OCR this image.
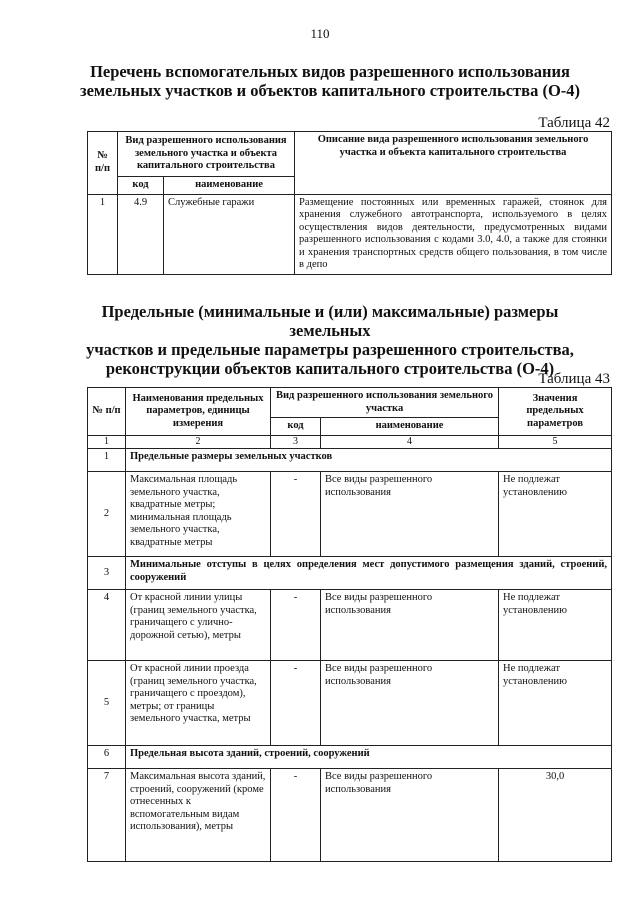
110
Перечень вспомогательных видов разрешенного использования
земельных участков и объектов капитального строительства (О-4)
Таблица 42
№ п/п	Вид разрешенного использования земельного участка и объекта капитального строительства		Описание вида разрешенного использования земельного участка и объекта капитального строительства
	код	наименование	
1	4.9	Служебные гаражи	Размещение постоянных или временных гаражей, стоянок для хранения служебного автотранспорта, используемого в целях осуществления видов деятельности, предусмотренных видами разрешенного использования с кодами 3.0, 4.0, а также для стоянки и хранения транспортных средств общего пользования, в том числе в депо
Предельные (минимальные и (или) максимальные) размеры земельных
участков и предельные параметры разрешенного строительства,
реконструкции объектов капитального строительства (О-4)
Таблица 43
№ п/п	Наименования предельных параметров, единицы измерения	Вид разрешенного использования земельного участка		Значения предельных параметров
		код	наименование	
1	2	3	4	5
1	Предельные размеры земельных участков			
2	Максимальная площадь земельного участка, квадратные метры; минимальная площадь земельного участка, квадратные метры	-	Все виды разрешенного использования	Не подлежат установлению
3	Минимальные отступы в целях определения мест допустимого размещения зданий, строений, сооружений			
4	От красной линии улицы (границ земельного участка, граничащего с улично-дорожной сетью), метры	-	Все виды разрешенного использования	Не подлежат установлению
5	От красной линии проезда (границ земельного участка, граничащего с проездом), метры; от границы земельного участка, метры	-	Все виды разрешенного использования	Не подлежат установлению
6	Предельная высота зданий, строений, сооружений			
7	Максимальная высота зданий, строений, сооружений (кроме отнесенных к вспомогательным видам использования), метры	-	Все виды разрешенного использования	30,0
